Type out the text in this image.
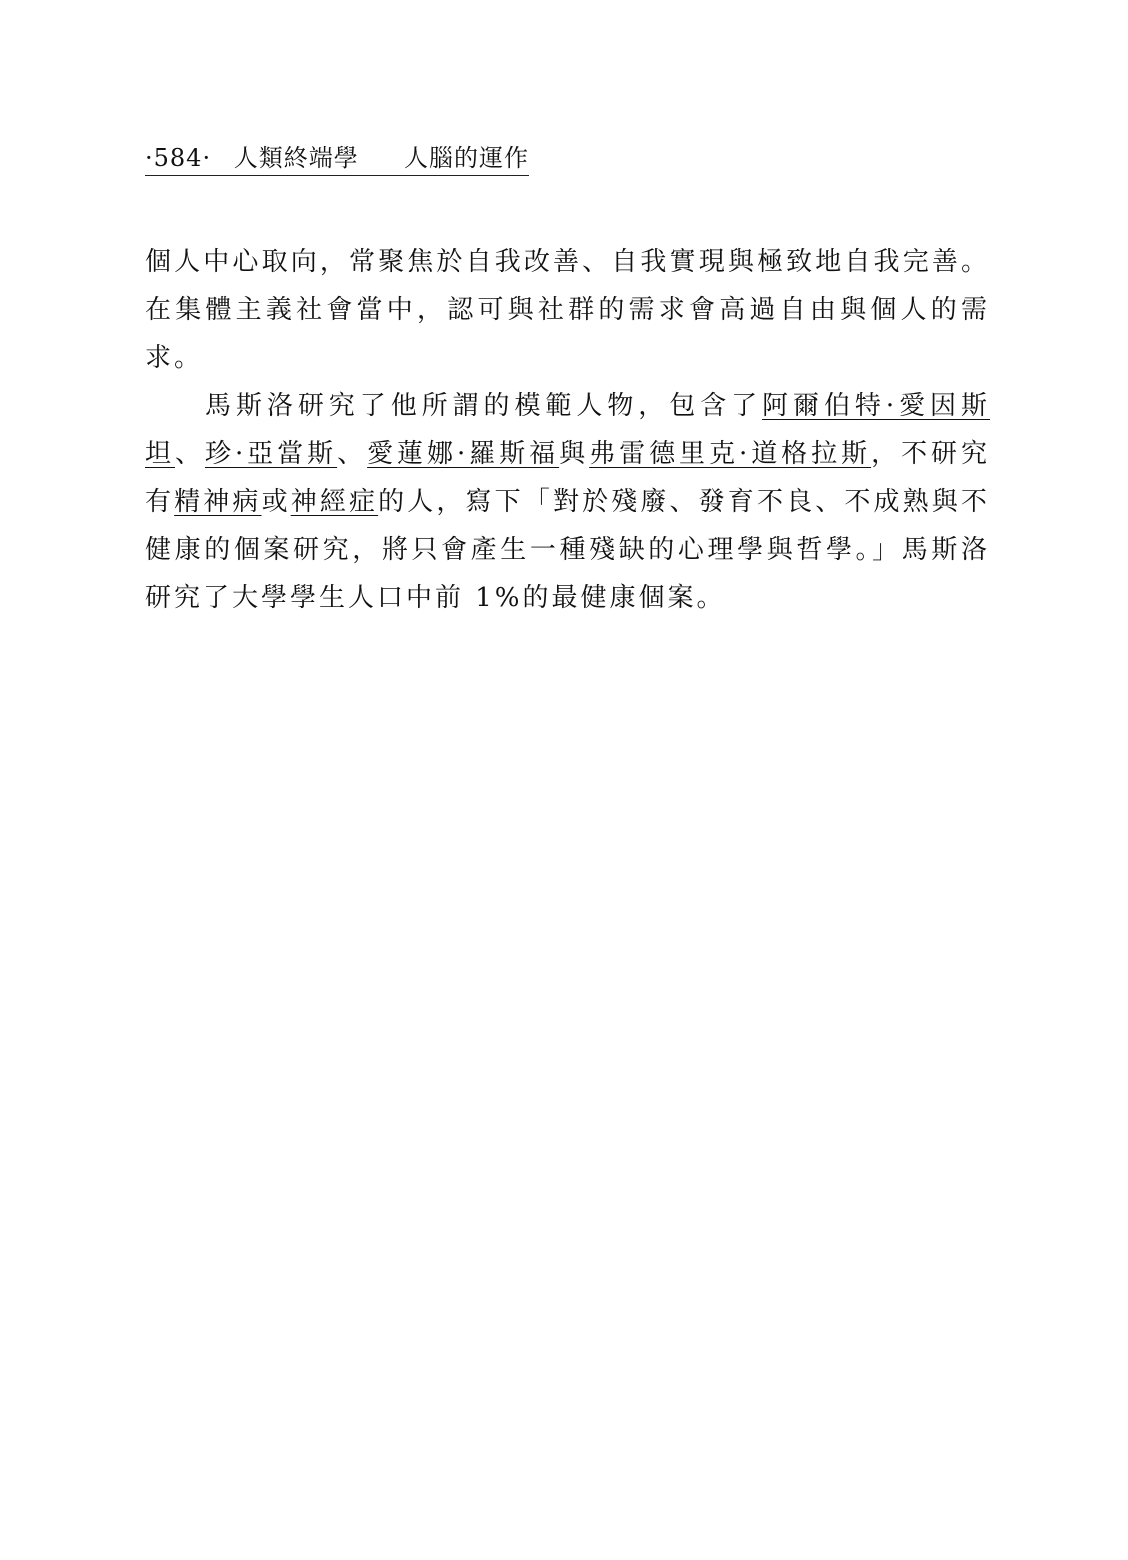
·584· 人類終端學 人腦的運作

個人中心取向，常聚焦於自我改善、自我實現與極致地自我完善。在集體主義社會當中，認可與社群的需求會高過自由與個人的需求。

馬斯洛研究了他所謂的模範人物，包含了阿爾伯特·愛因斯坦、珍·亞當斯、愛蓮娜·羅斯福與弗雷德里克·道格拉斯，不研究有精神病或神經症的人，寫下「對於殘廢、發育不良、不成熟與不健康的個案研究，將只會產生一種殘缺的心理學與哲學。」馬斯洛研究了大學學生人口中前 1%的最健康個案。
